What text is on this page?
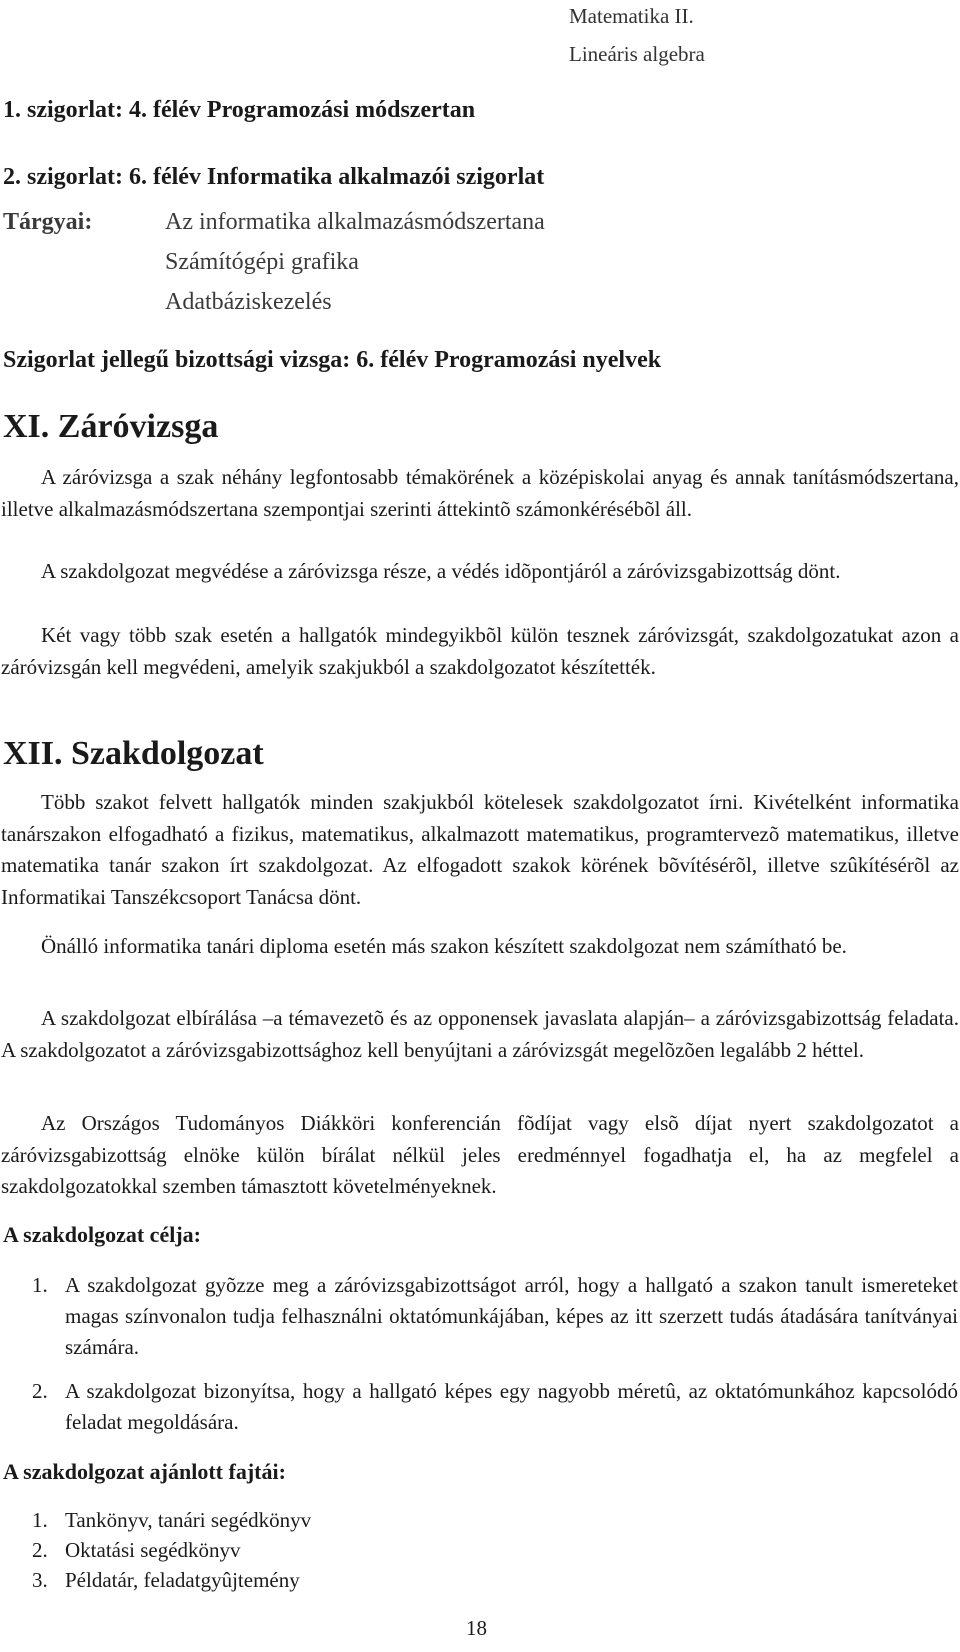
Matematika II.
Lineáris algebra
1. szigorlat: 4. félév Programozási módszertan
2. szigorlat: 6. félév Informatika alkalmazói szigorlat
Tárgyai:	Az informatika alkalmazásmódszertana
Számítógépi grafika
Adatbáziskezelés
Szigorlat jellegű bizottsági vizsga: 6. félév Programozási nyelvek
XI. Záróvizsga
A záróvizsga a szak néhány legfontosabb témakörének a középiskolai anyag és annak tanításmódszertana, illetve alkalmazásmódszertana szempontjai szerinti áttekintõ számonkérésébõl áll.
A szakdolgozat megvédése a záróvizsga része, a védés idõpontjáról a záróvizsgabizottság dönt.
Két vagy több szak esetén a hallgatók mindegyikbõl külön tesznek záróvizsgát, szakdolgozatukat azon a záróvizsgán kell megvédeni, amelyik szakjukból a szakdolgozatot készítették.
XII. Szakdolgozat
Több szakot felvett hallgatók minden szakjukból kötelesek szakdolgozatot írni. Kivételként informatika tanárszakon elfogadható a fizikus, matematikus, alkalmazott matematikus, programtervezõ matematikus, illetve matematika tanár szakon írt szakdolgozat. Az elfogadott szakok körének bõvítésérõl, illetve szûkítésérõl az Informatikai Tanszékcsoport Tanácsa dönt.
Önálló informatika tanári diploma esetén más szakon készített szakdolgozat nem számítható be.
A szakdolgozat elbírálása –a témavezetõ és az opponensek javaslata alapján– a záróvizsgabizottság feladata. A szakdolgozatot a záróvizsgabizottsághoz kell benyújtani a záróvizsgát megelõzõen legalább 2 héttel.
Az Országos Tudományos Diákköri konferencián fõdíjat vagy elsõ díjat nyert szakdolgozatot a záróvizsgabizottság elnöke külön bírálat nélkül jeles eredménnyel fogadhatja el, ha az megfelel a szakdolgozatokkal szemben támasztott követelményeknek.
A szakdolgozat célja:
1. A szakdolgozat gyõzze meg a záróvizsgabizottságot arról, hogy a hallgató a szakon tanult ismereteket magas színvonalon tudja felhasználni oktatómunkájában, képes az itt szerzett tudás átadására tanítványai számára.
2. A szakdolgozat bizonyítsa, hogy a hallgató képes egy nagyobb méretû, az oktatómunkához kapcsolódó feladat megoldására.
A szakdolgozat ajánlott fajtái:
1. Tankönyv, tanári segédkönyv
2. Oktatási segédkönyv
3. Példatár, feladatgyûjtemény
18
